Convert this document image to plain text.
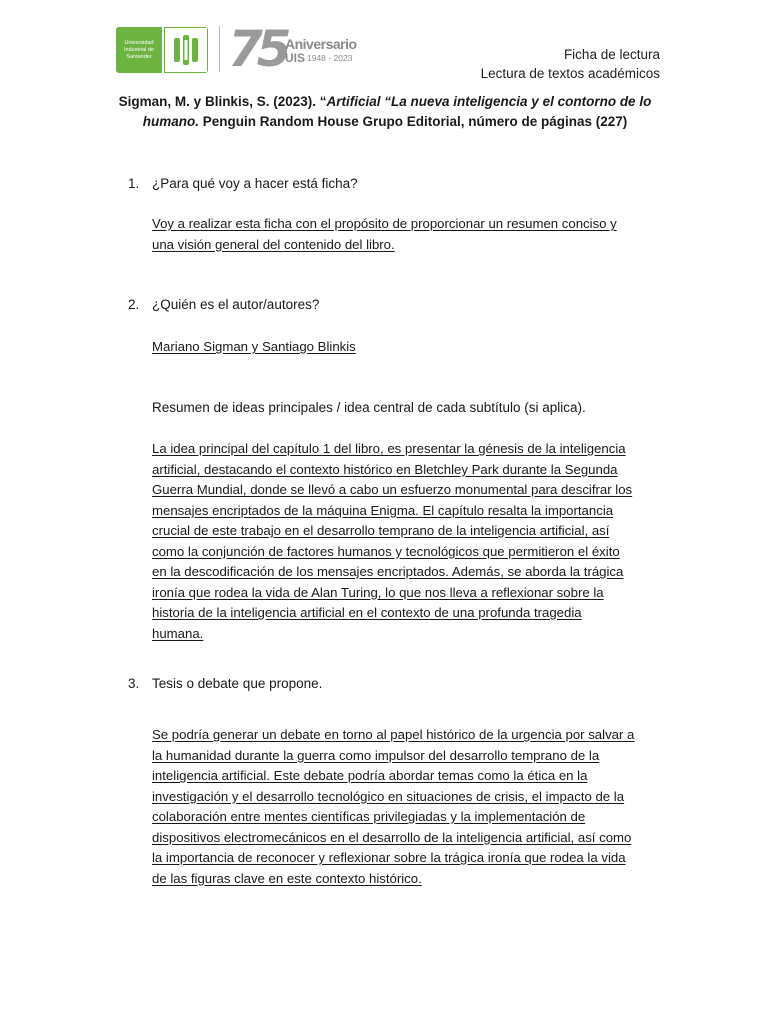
Universidad Industrial de Santander 75 Aniversario
UIS 1948 - 2023	Ficha de lectura
Lectura de textos académicos
Sigman, M. y Blinkis, S. (2023). “Artificial “La nueva inteligencia y el contorno de lo
humano. Penguin Random House Grupo Editorial, número de páginas (227)
1. ¿Para qué voy a hacer está ficha?
Voy a realizar esta ficha con el propósito de proporcionar un resumen conciso y
una visión general del contenido del libro.
2. ¿Quién es el autor/autores?
Mariano Sigman y Santiago Blinkis
Resumen de ideas principales / idea central de cada subtítulo (si aplica).
La idea principal del capítulo 1 del libro, es presentar la génesis de la inteligencia
artificial, destacando el contexto histórico en Bletchley Park durante la Segunda
Guerra Mundial, donde se llevó a cabo un esfuerzo monumental para descifrar los
mensajes encriptados de la máquina Enigma. El capítulo resalta la importancia
crucial de este trabajo en el desarrollo temprano de la inteligencia artificial, así
como la conjunción de factores humanos y tecnológicos que permitieron el éxito
en la descodificación de los mensajes encriptados. Además, se aborda la trágica
ironía que rodea la vida de Alan Turing, lo que nos lleva a reflexionar sobre la
historia de la inteligencia artificial en el contexto de una profunda tragedia
humana.
3. Tesis o debate que propone.
Se podría generar un debate en torno al papel histórico de la urgencia por salvar a
la humanidad durante la guerra como impulsor del desarrollo temprano de la
inteligencia artificial. Este debate podría abordar temas como la ética en la
investigación y el desarrollo tecnológico en situaciones de crisis, el impacto de la
colaboración entre mentes científicas privilegiadas y la implementación de
dispositivos electromecánicos en el desarrollo de la inteligencia artificial, así como
la importancia de reconocer y reflexionar sobre la trágica ironía que rodea la vida
de las figuras clave en este contexto histórico.
